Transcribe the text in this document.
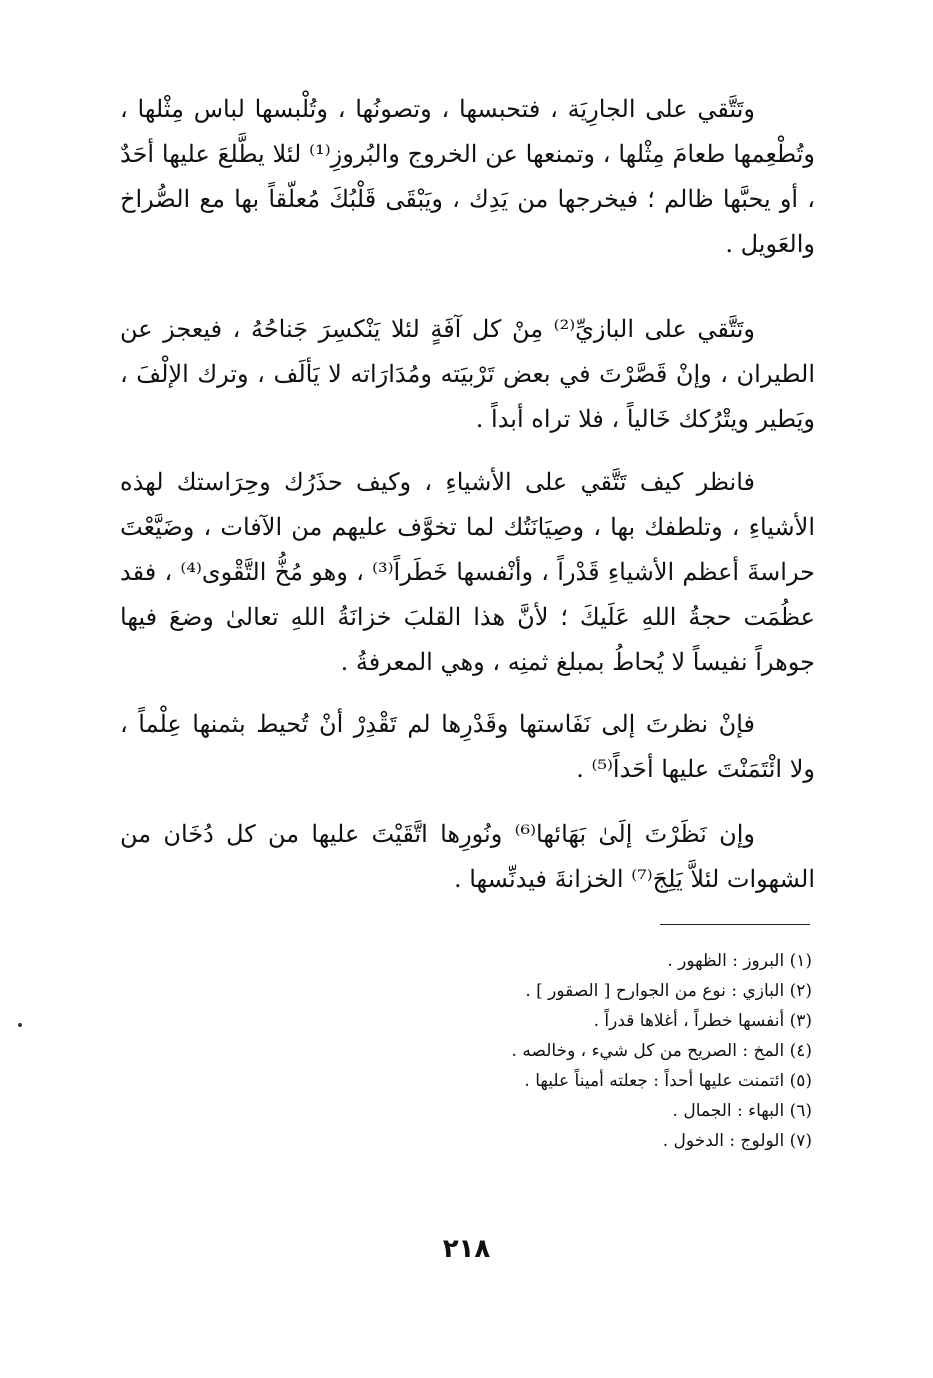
وتَتَّقي على الجارِيَة ، فتحبسها ، وتصونُها ، وتُلْبسها لباس مِثْلها ، وتُطْعِمها طعامَ مِثْلها ، وتمنعها عن الخروج والبُروزِ⁽¹⁾ لئلا يطَّلعَ عليها أحَدٌ ، أو يحبَّها ظالم ؛ فيخرجها من يَدِك ، ويَبْقَى قَلْبُكَ مُعلّقاً بها مع الصُّراخ والعَويل .

وتَتَّقي على البازيِّ⁽²⁾ مِنْ كل آفَةٍ لئلا يَنْكسِرَ جَناحُهُ ، فيعجز عن الطيران ، وإنْ قَصَّرْتَ في بعض تَرْبيَته ومُدَارَاته لا يَألَف ، وترك الإلْفَ ، ويَطير ويتْرُكك خَالياً ، فلا تراه أبداً .

فانظر كيف تَتَّقي على الأشياءِ ، وكيف حذَرُك وحِرَاستك لهذه الأشياءِ ، وتلطفك بها ، وصِيَانَتُك لما تخوَّف عليهم من الآفات ، وضَيَّعْتَ حراسةَ أعظم الأشياءِ قَدْراً ، وأنْفسها خَطَراً⁽³⁾ ، وهو مُخُّ التَّقْوى⁽⁴⁾ ، فقد عظُمَت حجةُ اللهِ عَلَيكَ ؛ لأنَّ هذا القلبَ خزانَةُ اللهِ تعالىٰ وضعَ فيها جوهراً نفيساً لا يُحاطُ بمبلغ ثمنِه ، وهي المعرفةُ .

فإنْ نظرتَ إلى نَفَاستها وقَدْرِها لم تَقْدِرْ أنْ تُحيط بثمنها عِلْماً ، ولا ائْتَمَنْتَ عليها أحَداً⁽⁵⁾ .

وإن نَظَرْتَ إلَىٰ بَهَائها⁽⁶⁾ ونُورِها اتَّقَيْتَ عليها من كل دُخَان من الشهوات لئلاَّ يَلِجَ⁽⁷⁾ الخزانةَ فيدنِّسها .

(١) البروز : الظهور .
(٢) البازي : نوع من الجوارح [ الصقور ] .
(٣) أنفسها خطراً ، أغلاها قدراً .
(٤) المخ : الصريح من كل شيء ، وخالصه .
(٥) ائتمنت عليها أحداً : جعلته أميناً عليها .
(٦) البهاء : الجمال .
(٧) الولوج : الدخول .
٢١٨
